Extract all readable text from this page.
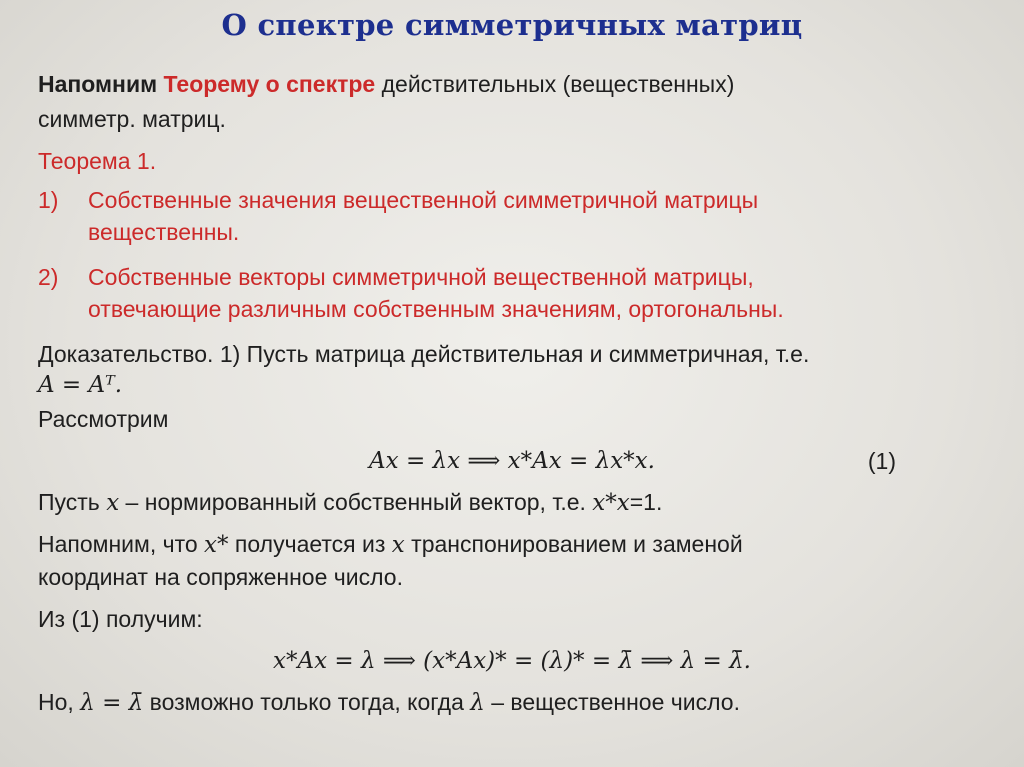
О спектре симметричных матриц
Напомним Теорему о спектре действительных (вещественных)
симметр. матриц.
Теорема 1.
1) Собственные значения вещественной симметричной матрицы
вещественны.
2) Собственные векторы симметричной вещественной матрицы,
отвечающие различным собственным значениям, ортогональны.
Доказательство. 1) Пусть матрица действительная и симметричная, т.е.
A = Aᵀ.
Рассмотрим
Ax = λx ⟹ x*Ax = λx*x.	(1)
Пусть x – нормированный собственный вектор, т.е. x*x=1.
Напомним, что x* получается из x транспонированием и заменой
координат на сопряженное число.
Из (1) получим:
x*Ax = λ ⟹ (x*Ax)* = (λ)* = λ̄ ⟹ λ = λ̄.
Но, λ = λ̄ возможно только тогда, когда λ – вещественное число.
